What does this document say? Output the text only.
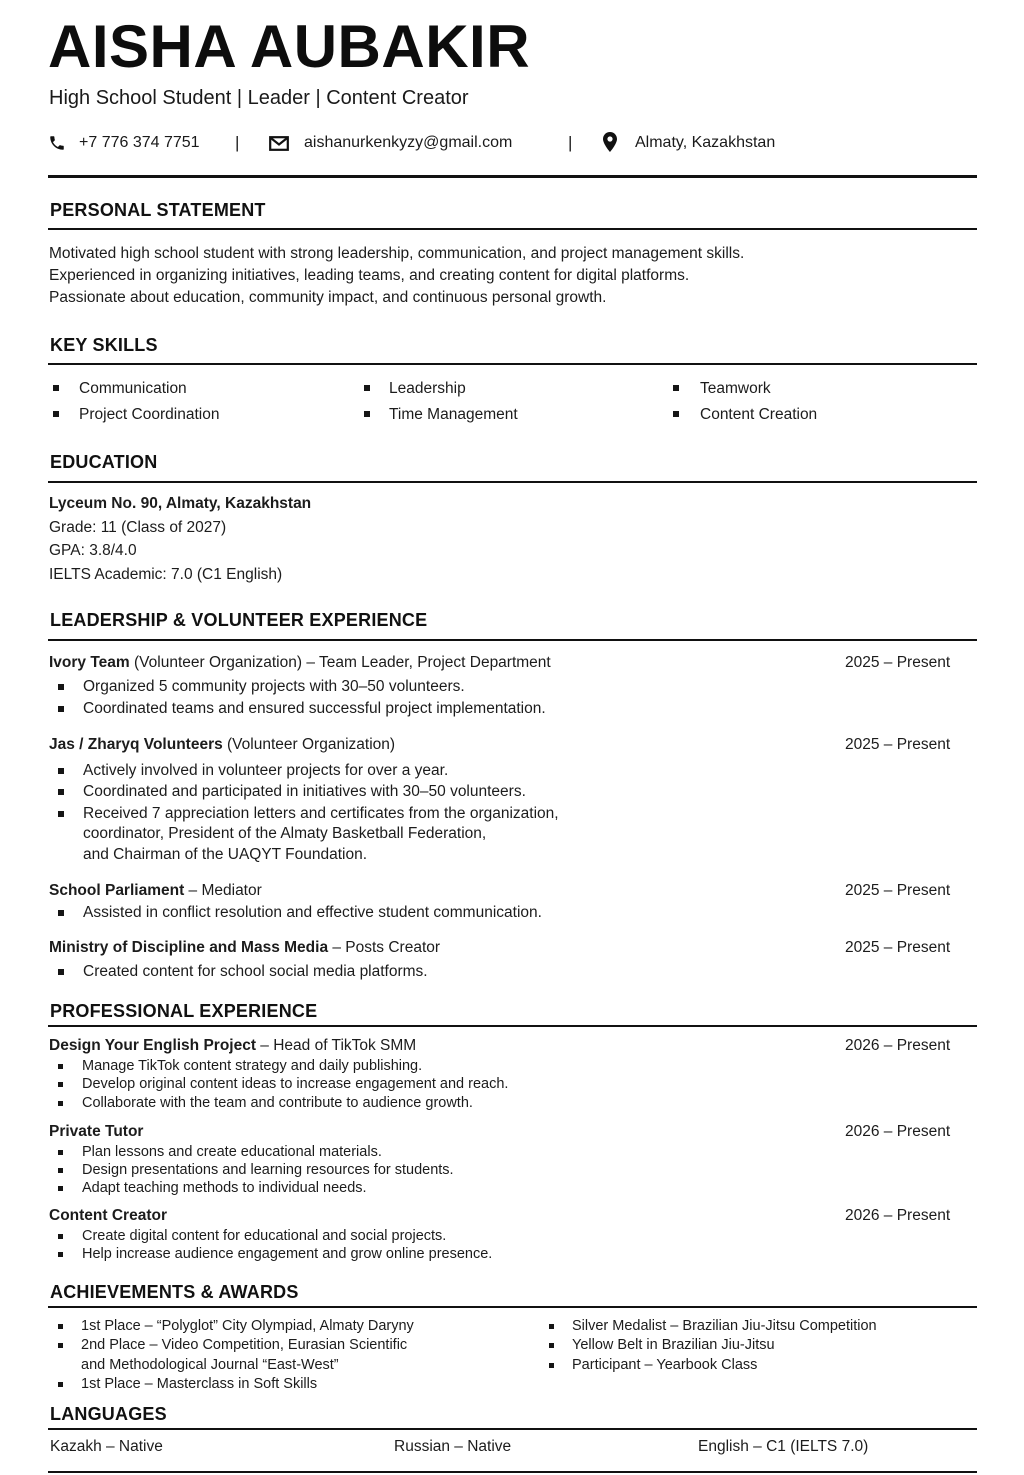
AISHA AUBAKIR
High School Student | Leader | Content Creator
+7 776 374 7751 |	aishanurkenkyzy@gmail.com	|	Almaty, Kazakhstan
PERSONAL STATEMENT
Motivated high school student with strong leadership, communication, and project management skills.
Experienced in organizing initiatives, leading teams, and creating content for digital platforms.
Passionate about education, community impact, and continuous personal growth.
KEY SKILLS
Communication	Leadership	Teamwork
Project Coordination	Time Management	Content Creation
EDUCATION
Lyceum No. 90, Almaty, Kazakhstan
Grade: 11 (Class of 2027)
GPA: 3.8/4.0
IELTS Academic: 7.0 (C1 English)
LEADERSHIP & VOLUNTEER EXPERIENCE
Ivory Team (Volunteer Organization) – Team Leader, Project Department	2025 – Present
Organized 5 community projects with 30–50 volunteers.
Coordinated teams and ensured successful project implementation.
Jas / Zharyq Volunteers (Volunteer Organization)	2025 – Present
Actively involved in volunteer projects for over a year.
Coordinated and participated in initiatives with 30–50 volunteers.
Received 7 appreciation letters and certificates from the organization,
coordinator, President of the Almaty Basketball Federation,
and Chairman of the UAQYT Foundation.
School Parliament – Mediator	2025 – Present
Assisted in conflict resolution and effective student communication.
Ministry of Discipline and Mass Media – Posts Creator	2025 – Present
Created content for school social media platforms.
PROFESSIONAL EXPERIENCE
Design Your English Project – Head of TikTok SMM	2026 – Present
Manage TikTok content strategy and daily publishing.
Develop original content ideas to increase engagement and reach.
Collaborate with the team and contribute to audience growth.
Private Tutor	2026 – Present
Plan lessons and create educational materials.
Design presentations and learning resources for students.
Adapt teaching methods to individual needs.
Content Creator	2026 – Present
Create digital content for educational and social projects.
Help increase audience engagement and grow online presence.
ACHIEVEMENTS & AWARDS
1st Place – “Polyglot” City Olympiad, Almaty Daryny
2nd Place – Video Competition, Eurasian Scientific
and Methodological Journal “East-West”
1st Place – Masterclass in Soft Skills
Silver Medalist – Brazilian Jiu-Jitsu Competition
Yellow Belt in Brazilian Jiu-Jitsu
Participant – Yearbook Class
LANGUAGES
Kazakh – Native	Russian – Native	English – C1 (IELTS 7.0)
